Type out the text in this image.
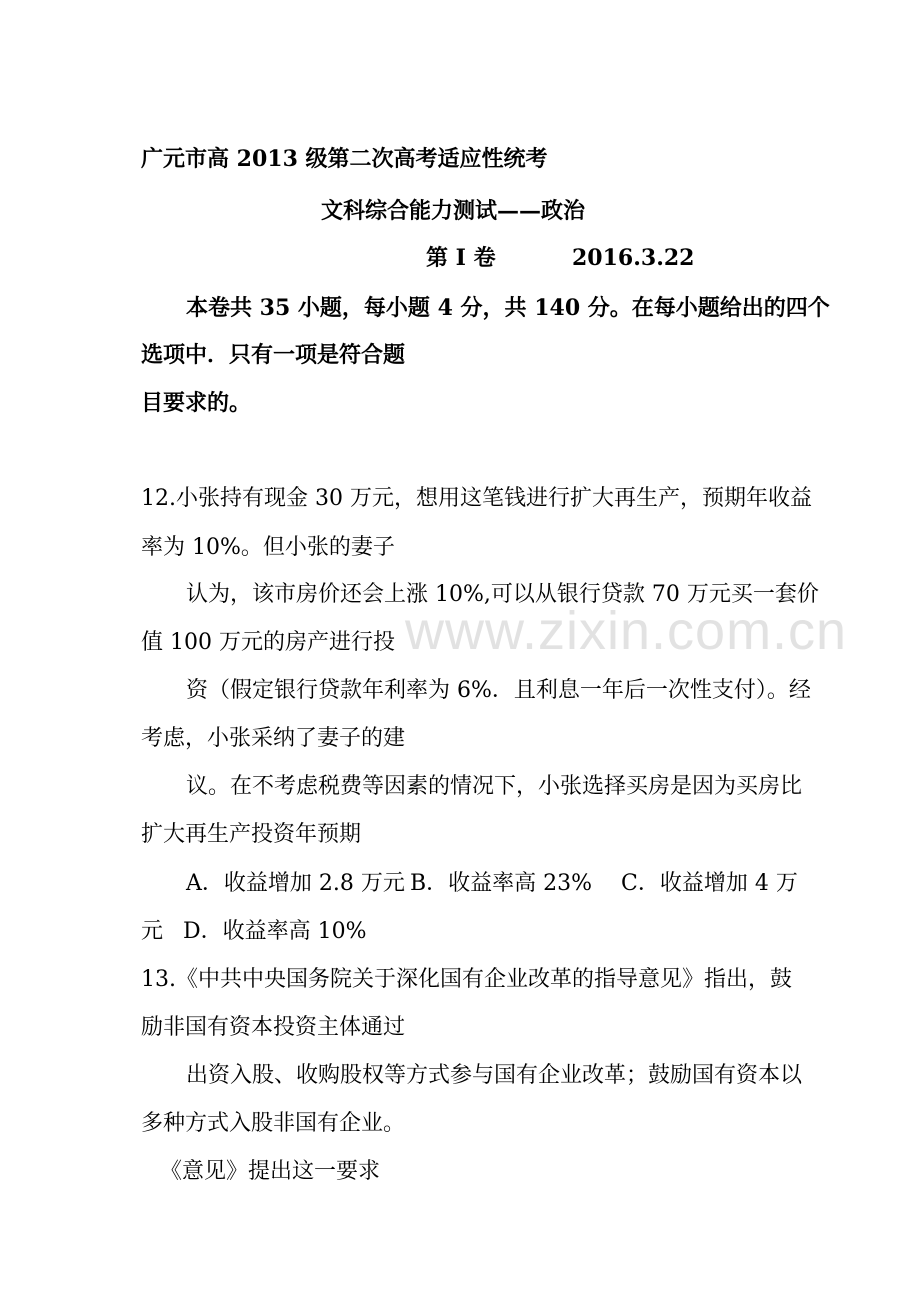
www.zixin.com.cn
广元市高 2013 级第二次高考适应性统考
文科综合能力测试——政治
第 I 卷	2016.3.22
本卷共 35 小题，每小题 4 分，共 140 分。在每小题给出的四个
选项中．只有一项是符合题
目要求的。
12.小张持有现金 30 万元，想用这笔钱进行扩大再生产，预期年收益
率为 10%。但小张的妻子
认为，该市房价还会上涨 10%,可以从银行贷款 70 万元买一套价
值 100 万元的房产进行投
资（假定银行贷款年利率为 6%．且利息一年后一次性支付）。经
考虑，小张采纳了妻子的建
议。在不考虑税费等因素的情况下，小张选择买房是因为买房比
扩大再生产投资年预期
A．收益增加 2.8 万元 B．收益率高 23% C．收益增加 4 万
元 D．收益率高 10%
13.《中共中央国务院关于深化国有企业改革的指导意见》指出，鼓
励非国有资本投资主体通过
出资入股、收购股权等方式参与国有企业改革；鼓励国有资本以
多种方式入股非国有企业。
《意见》提出这一要求
